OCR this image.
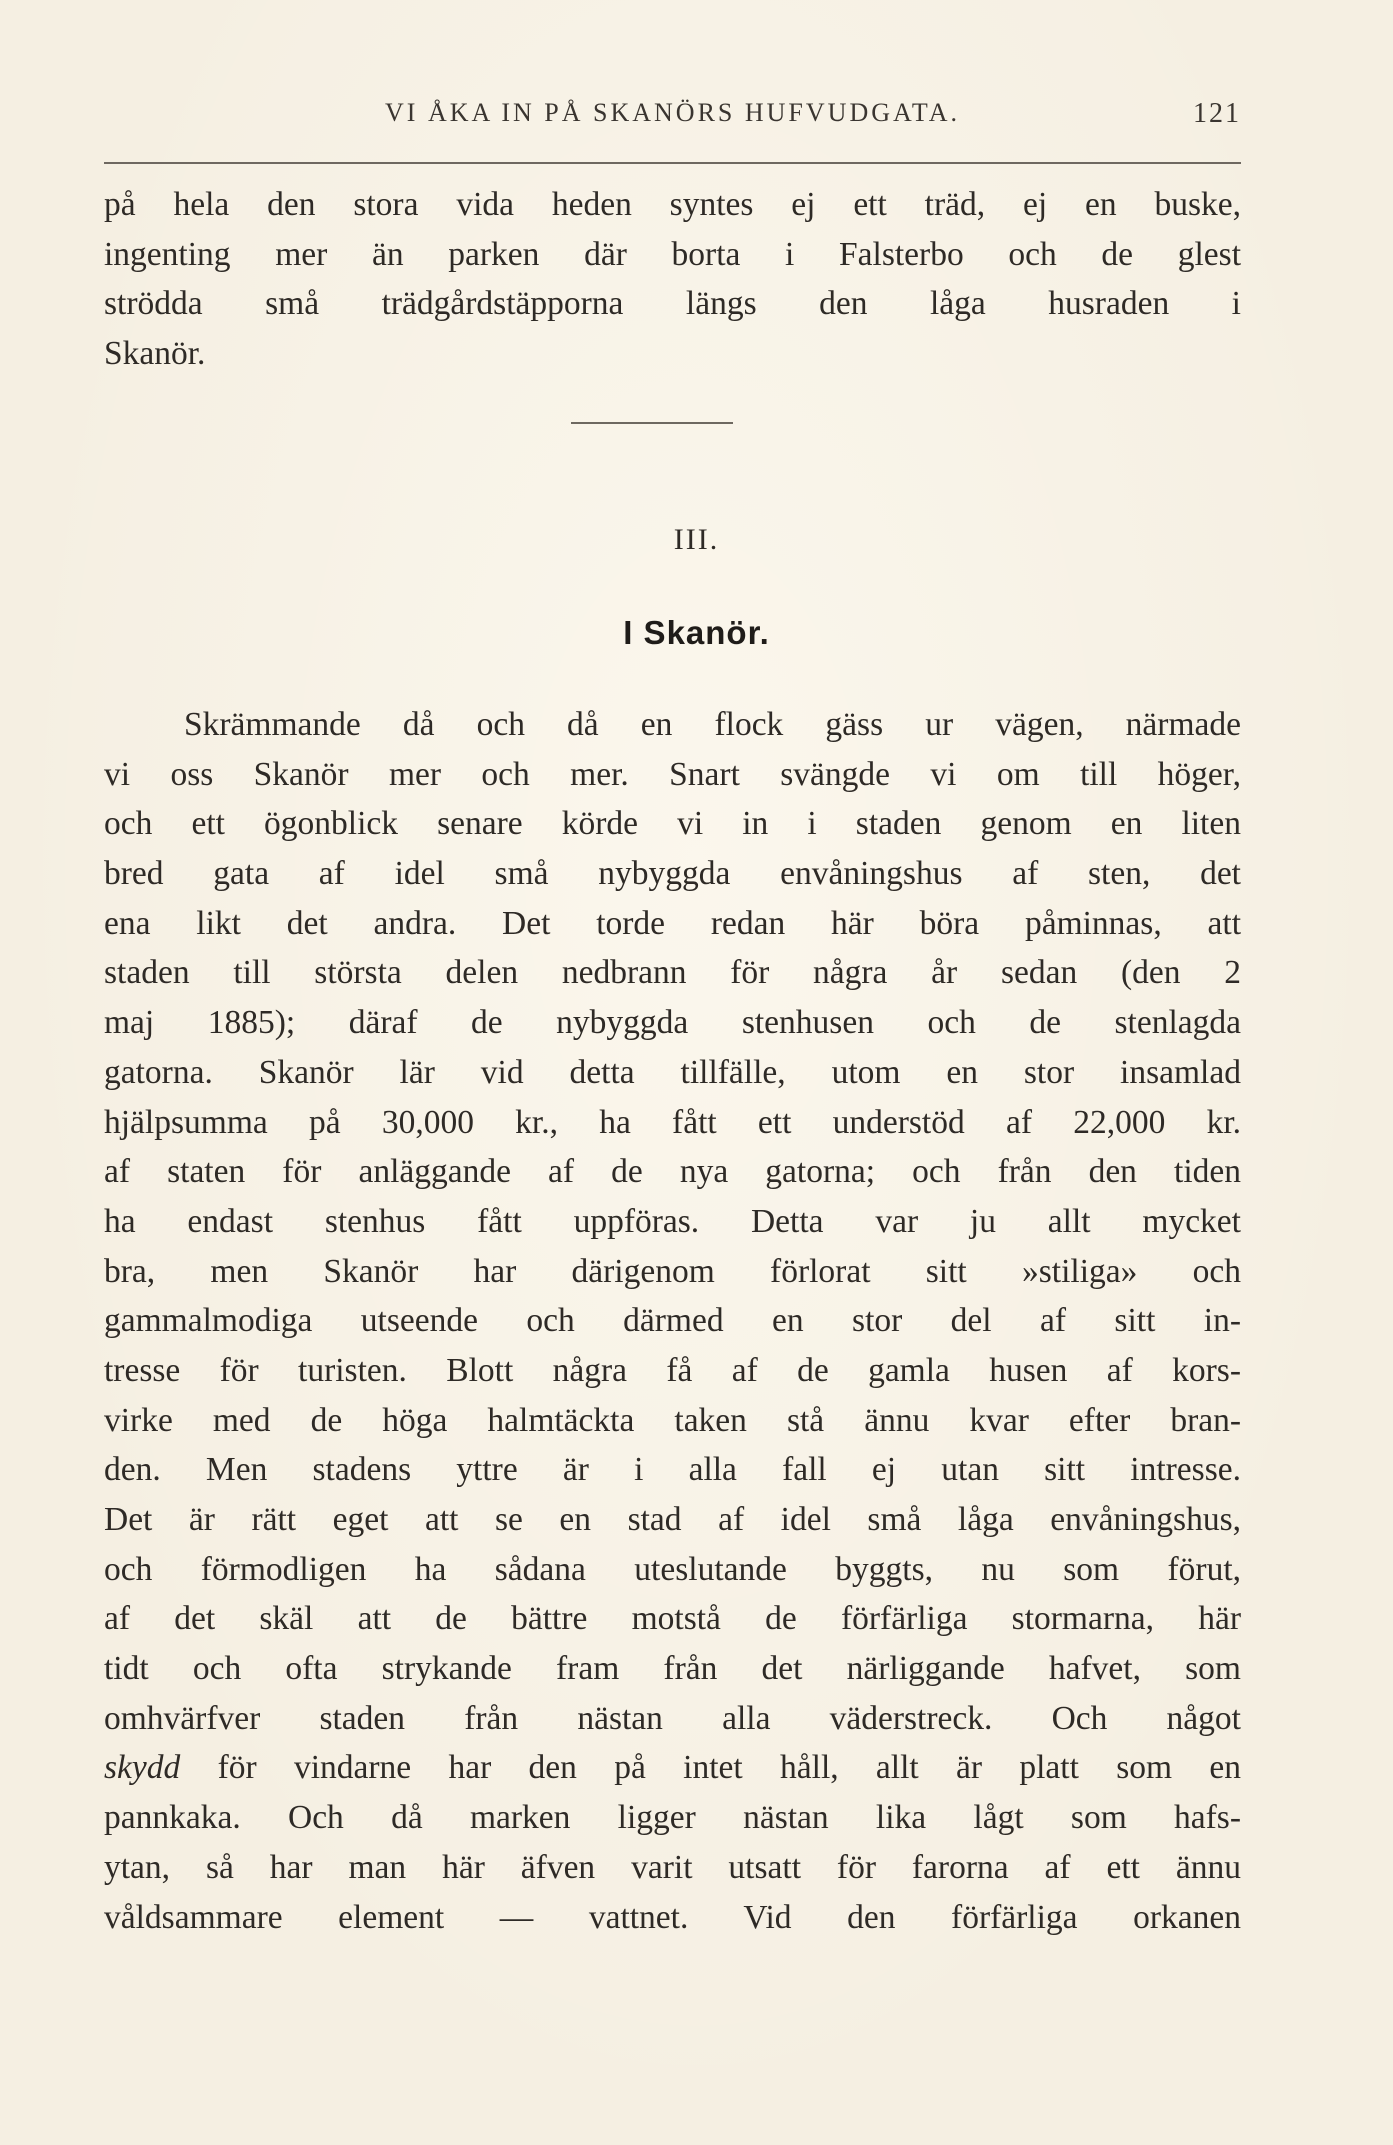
VI ÅKA IN PÅ SKANÖRS HUFVUDGATA.	121
på hela den stora vida heden syntes ej ett träd, ej en buske,
ingenting mer än parken där borta i Falsterbo och de glest
strödda små trädgårdstäpporna längs den låga husraden i
Skanör.
III.
I Skanör.
Skrämmande då och då en flock gäss ur vägen, närmade
vi oss Skanör mer och mer. Snart svängde vi om till höger,
och ett ögonblick senare körde vi in i staden genom en liten
bred gata af idel små nybyggda envåningshus af sten, det
ena likt det andra. Det torde redan här böra påminnas, att
staden till största delen nedbrann för några år sedan (den 2
maj 1885); däraf de nybyggda stenhusen och de stenlagda
gatorna. Skanör lär vid detta tillfälle, utom en stor insamlad
hjälpsumma på 30,000 kr., ha fått ett understöd af 22,000 kr.
af staten för anläggande af de nya gatorna; och från den tiden
ha endast stenhus fått uppföras. Detta var ju allt mycket
bra, men Skanör har därigenom förlorat sitt »stiliga» och
gammalmodiga utseende och därmed en stor del af sitt in-
tresse för turisten. Blott några få af de gamla husen af kors-
virke med de höga halmtäckta taken stå ännu kvar efter bran-
den. Men stadens yttre är i alla fall ej utan sitt intresse.
Det är rätt eget att se en stad af idel små låga envåningshus,
och förmodligen ha sådana uteslutande byggts, nu som förut,
af det skäl att de bättre motstå de förfärliga stormarna, här
tidt och ofta strykande fram från det närliggande hafvet, som
omhvärfver staden från nästan alla väderstreck. Och något
skydd för vindarne har den på intet håll, allt är platt som en
pannkaka. Och då marken ligger nästan lika lågt som hafs-
ytan, så har man här äfven varit utsatt för farorna af ett ännu
våldsammare element — vattnet. Vid den förfärliga orkanen
